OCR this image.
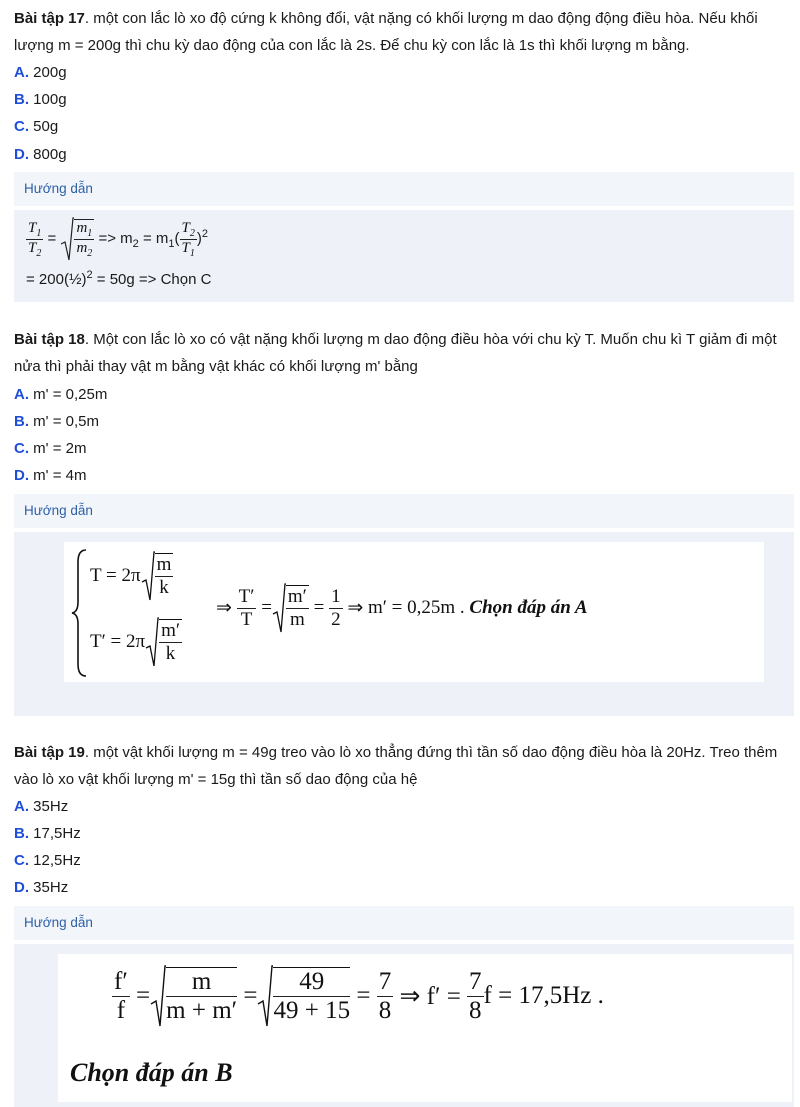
Bài tập 17. một con lắc lò xo độ cứng k không đổi, vật nặng có khối lượng m dao động động điều hòa. Nếu khối lượng m = 200g thì chu kỳ dao động của con lắc là 2s. Để chu kỳ con lắc là 1s thì khối lượng m bằng.
A. 200g
B. 100g
C. 50g
D. 800g
Hướng dẫn
$\frac{T_1}{T_2} = \frac{m_1}{m_2} => m_2 = m_1( \frac{T_2}{T_1} )^2$
= 200(½)$^2$ = 50g => Chọn C
Bài tập 18. Một con lắc lò xo có vật nặng khối lượng m dao động điều hòa với chu kỳ T. Muốn chu kì T giảm đi một nửa thì phải thay vật m bằng vật khác có khối lượng m' bằng
A. m' = 0,25m
B. m' = 0,5m
C. m' = 2m
D. m' = 4m
Hướng dẫn
$T = 2\pi \frac{m}{k}$
$T' = 2\pi \frac{m'}{k}$
⇒ $\frac{T'}{T} = \frac{m'}{m} = \frac{1}{2}$ ⇒ m′ = 0,25m . Chọn đáp án A
Bài tập 19. một vật khối lượng m = 49g treo vào lò xo thẳng đứng thì tần số dao động điều hòa là 20Hz. Treo thêm vào lò xo vật khối lượng m' = 15g thì tần số dao động của hệ
A. 35Hz
B. 17,5Hz
C. 12,5Hz
D. 35Hz
Hướng dẫn
$\frac{f'}{f} = \frac{m}{m + m'} = \frac{49}{49 + 15} = \frac{7}{8}$ ⇒ $f' = \frac{7}{8}$ f = 17,5Hz .
Chọn đáp án B
